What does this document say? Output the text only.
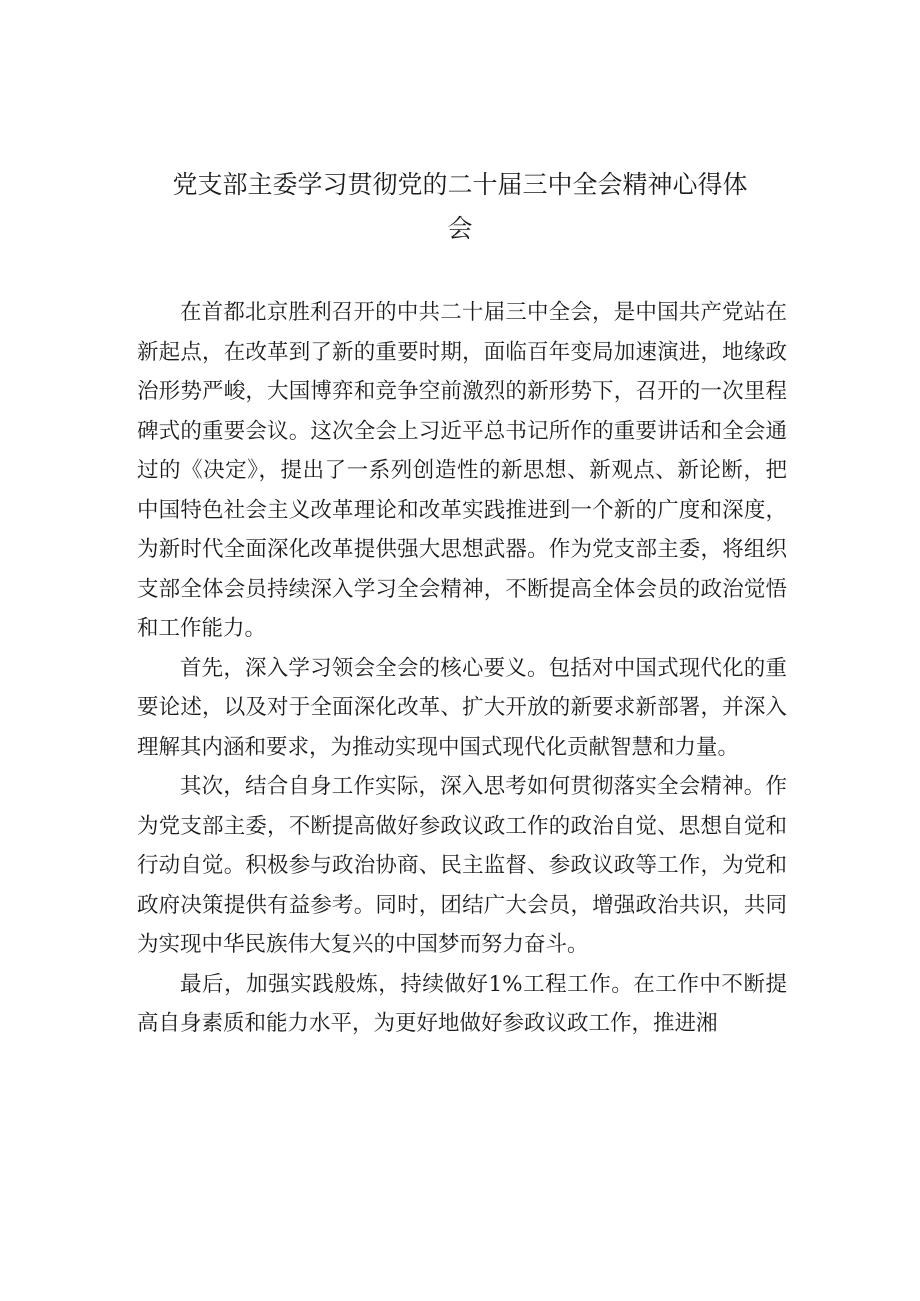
党支部主委学习贯彻党的二十届三中全会精神心得体
会

在首都北京胜利召开的中共二十届三中全会，是中国共产党站在新起点，在改革到了新的重要时期，面临百年变局加速演进，地缘政治形势严峻，大国博弈和竞争空前激烈的新形势下，召开的一次里程碑式的重要会议。这次全会上习近平总书记所作的重要讲话和全会通过的《决定》，提出了一系列创造性的新思想、新观点、新论断，把中国特色社会主义改革理论和改革实践推进到一个新的广度和深度，为新时代全面深化改革提供强大思想武器。作为党支部主委，将组织支部全体会员持续深入学习全会精神，不断提高全体会员的政治觉悟和工作能力。

首先，深入学习领会全会的核心要义。包括对中国式现代化的重要论述，以及对于全面深化改革、扩大开放的新要求新部署，并深入理解其内涵和要求，为推动实现中国式现代化贡献智慧和力量。

其次，结合自身工作实际，深入思考如何贯彻落实全会精神。作为党支部主委，不断提高做好参政议政工作的政治自觉、思想自觉和行动自觉。积极参与政治协商、民主监督、参政议政等工作，为党和政府决策提供有益参考。同时，团结广大会员，增强政治共识，共同为实现中华民族伟大复兴的中国梦而努力奋斗。

最后，加强实践般炼，持续做好1%工程工作。在工作中不断提高自身素质和能力水平，为更好地做好参政议政工作，推进湘
